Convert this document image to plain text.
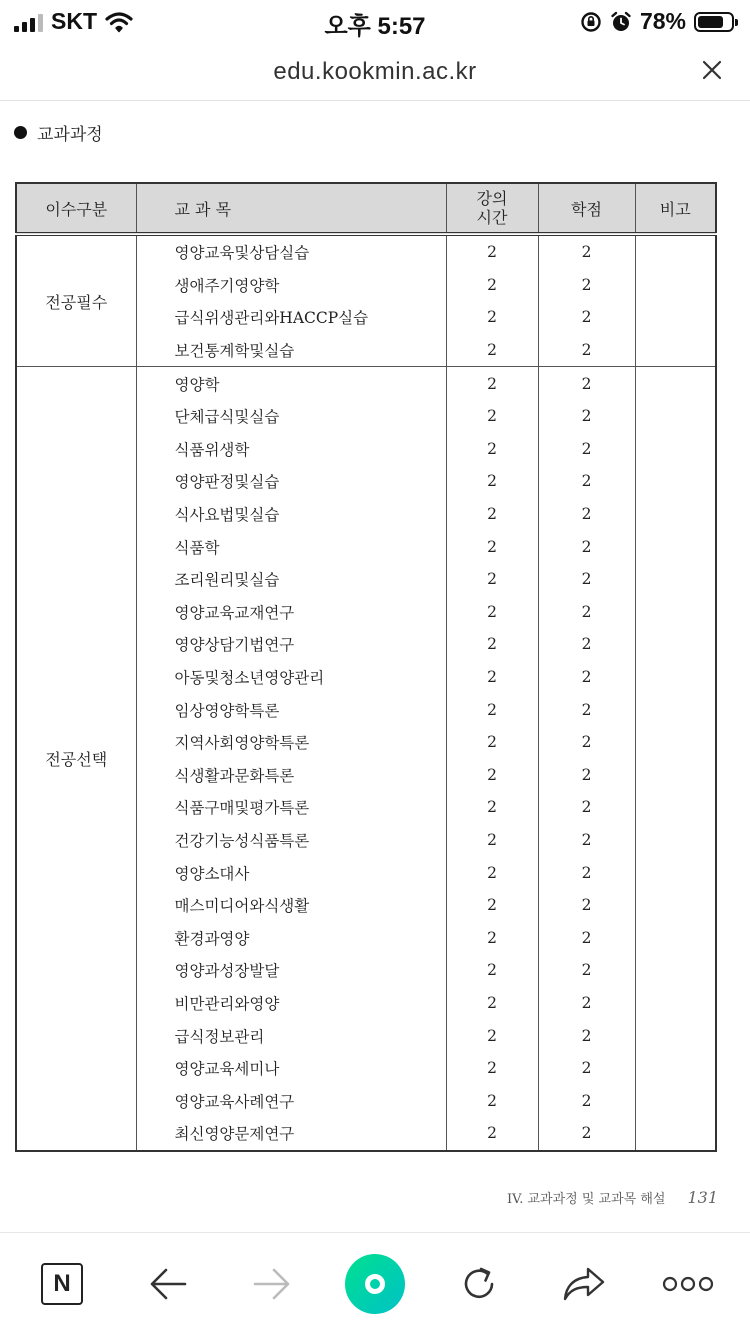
SKT	오후 5:57	78%
edu.kookmin.ac.kr
교과과정
이수구분	교 과 목	강의시간	학점	비고
전공필수	영양교육및상담실습	2	2	
	생애주기영양학	2	2	
	급식위생관리와HACCP실습	2	2	
	보건통계학및실습	2	2	
전공선택	영양학	2	2	
	단체급식및실습	2	2	
	식품위생학	2	2	
	영양판정및실습	2	2	
	식사요법및실습	2	2	
	식품학	2	2	
	조리원리및실습	2	2	
	영양교육교재연구	2	2	
	영양상담기법연구	2	2	
	아동및청소년영양관리	2	2	
	임상영양학특론	2	2	
	지역사회영양학특론	2	2	
	식생활과문화특론	2	2	
	식품구매및평가특론	2	2	
	건강기능성식품특론	2	2	
	영양소대사	2	2	
	매스미디어와식생활	2	2	
	환경과영양	2	2	
	영양과성장발달	2	2	
	비만관리와영양	2	2	
	급식정보관리	2	2	
	영양교육세미나	2	2	
	영양교육사례연구	2	2	
	최신영양문제연구	2	2	
IV. 교과과정 및 교과목 해설 131
N
